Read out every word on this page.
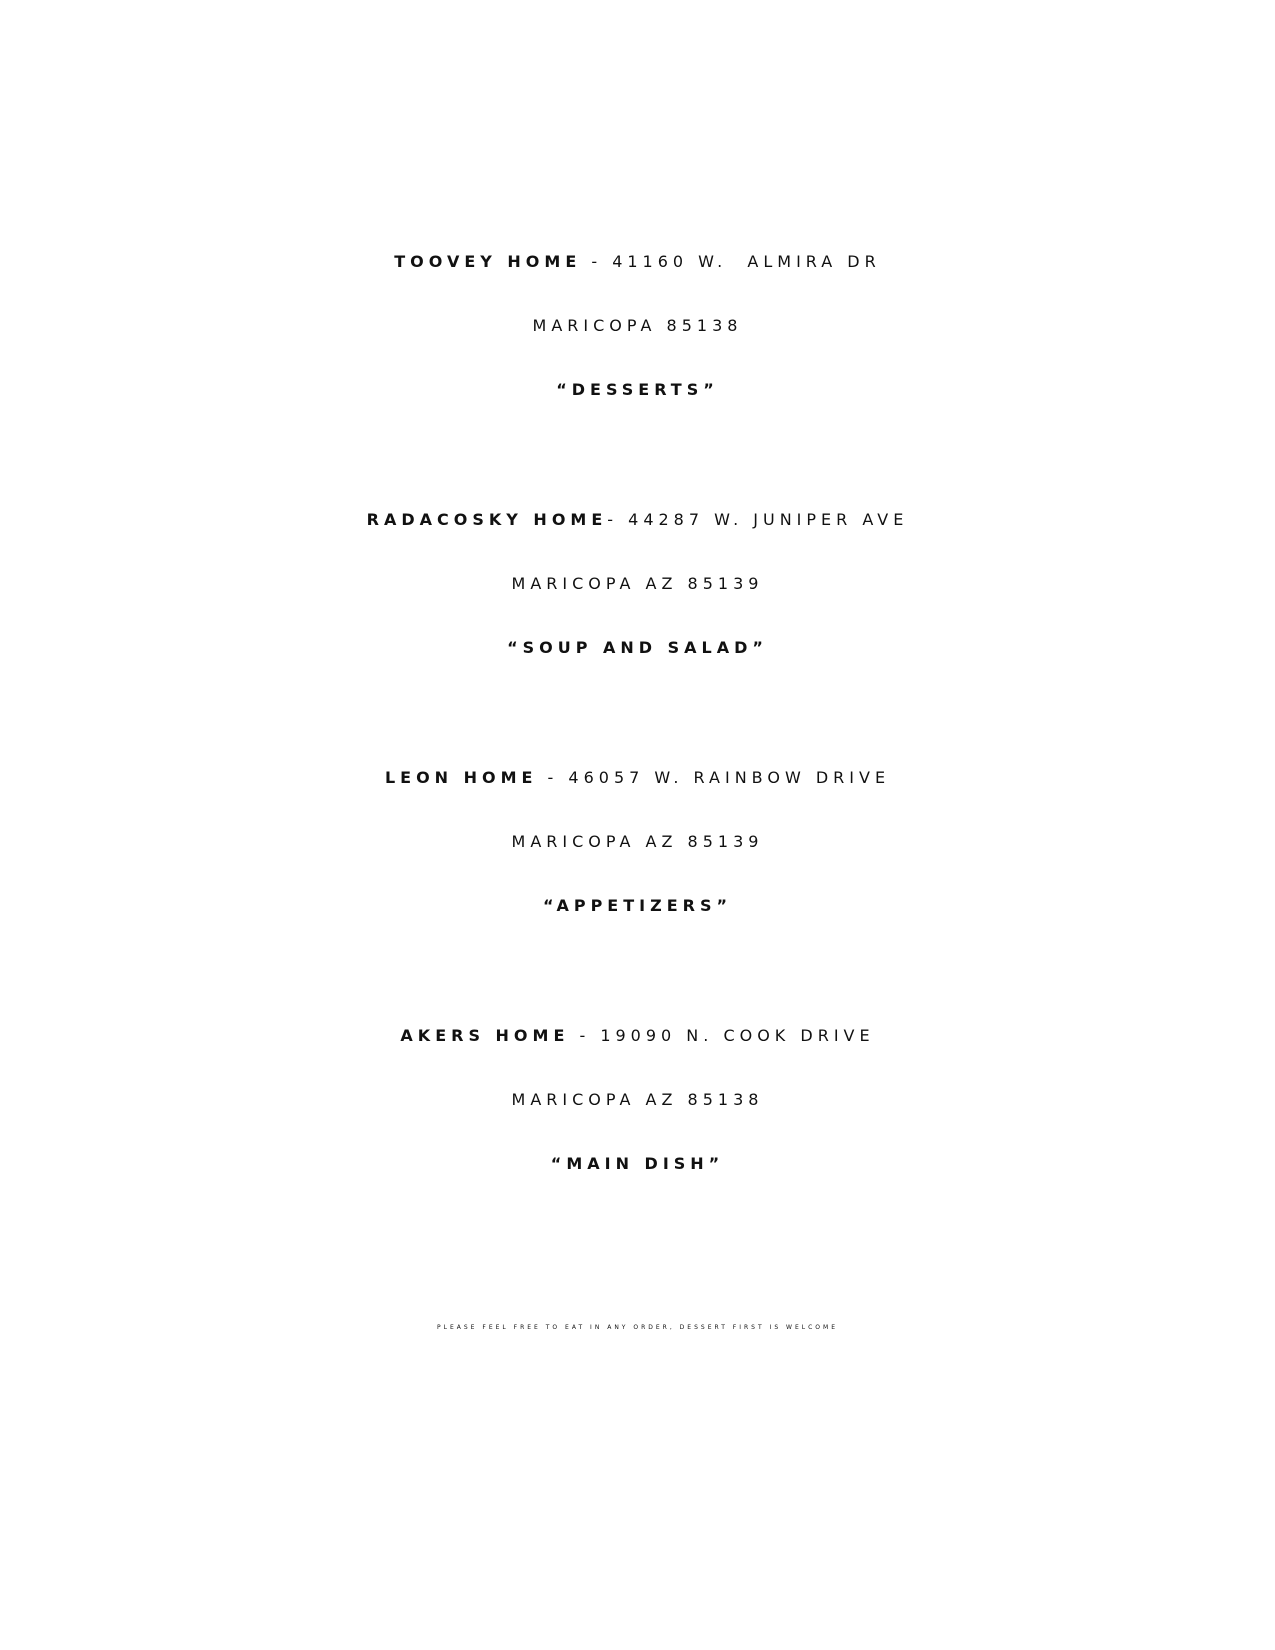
TOOVEY HOME - 41160 W.  ALMIRA DR
MARICOPA 85138
“DESSERTS”
RADACOSKY HOME- 44287 W. JUNIPER AVE
MARICOPA AZ 85139
“SOUP AND SALAD”
LEON HOME - 46057 W. RAINBOW DRIVE
MARICOPA AZ 85139
“APPETIZERS”
AKERS HOME - 19090 N. COOK DRIVE
MARICOPA AZ 85138
“MAIN DISH”
PLEASE FEEL FREE TO EAT IN ANY ORDER, DESSERT FIRST IS WELCOME
